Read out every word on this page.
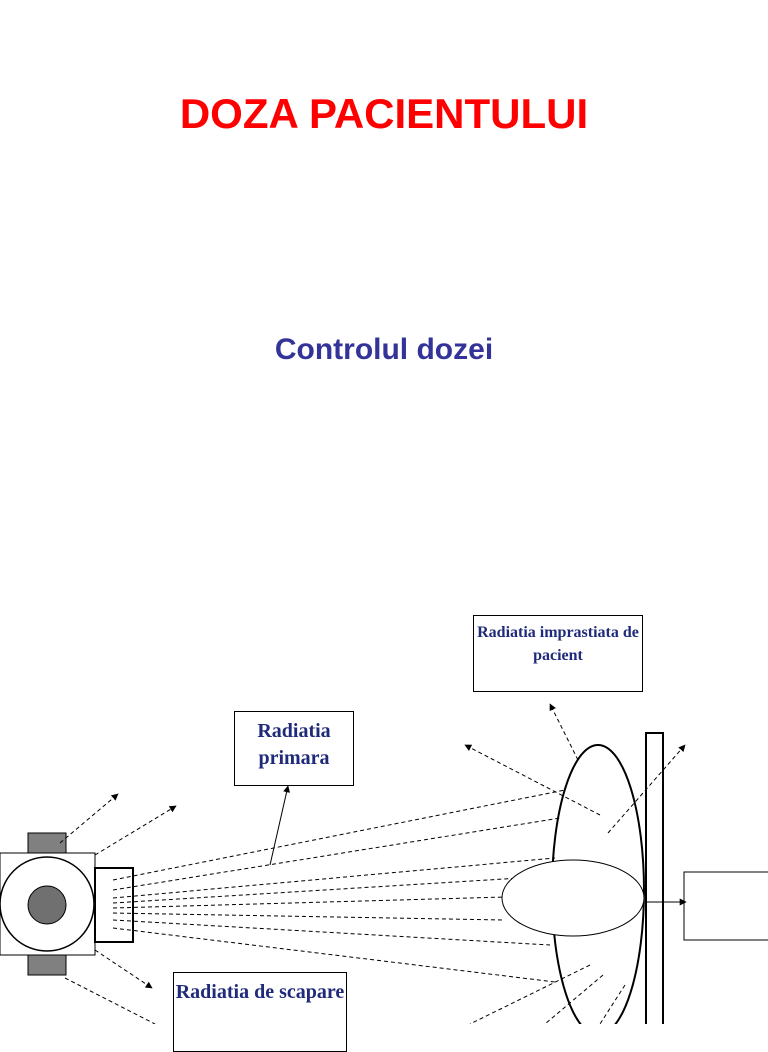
DOZA PACIENTULUI
Controlul dozei
Radiatia imprastiata de pacient
Radiatia primara
Radiatia de scapare
